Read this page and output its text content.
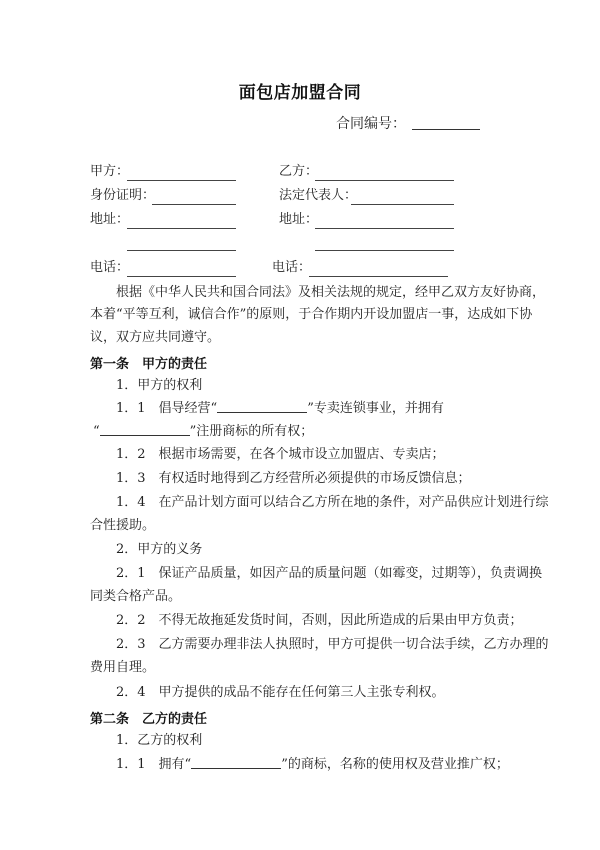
面包店加盟合同
合同编号：
甲方：	乙方：
身份证明：	法定代表人：
地址：	地址：
电话：	电话：
根据《中华人民共和国合同法》及相关法规的规定，经甲乙双方友好协商，
本着“平等互利，诚信合作”的原则，于合作期内开设加盟店一事，达成如下协
议，双方应共同遵守。
第一条　甲方的责任
1．甲方的权利
1．1　倡导经营“	”专卖连锁事业，并拥有
“	”注册商标的所有权；
1．2　根据市场需要，在各个城市设立加盟店、专卖店；
1．3　有权适时地得到乙方经营所必须提供的市场反馈信息；
1．4　在产品计划方面可以结合乙方所在地的条件，对产品供应计划进行综
合性援助。
2．甲方的义务
2．1　保证产品质量，如因产品的质量问题（如霉变，过期等），负责调换
同类合格产品。
2．2　不得无故拖延发货时间，否则，因此所造成的后果由甲方负责；
2．3　乙方需要办理非法人执照时，甲方可提供一切合法手续，乙方办理的
费用自理。
2．4　甲方提供的成品不能存在任何第三人主张专利权。
第二条　乙方的责任
1．乙方的权利
1．1　拥有“	”的商标，名称的使用权及营业推广权；
